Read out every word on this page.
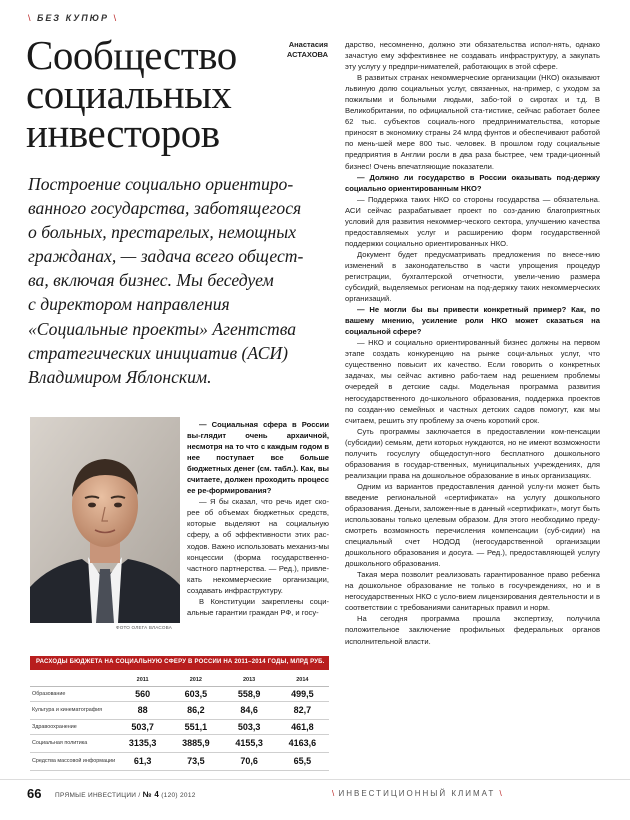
\ БЕЗ КУПЮР \
Сообщество
социальных
инвесторов
Анастасия
АСТАХОВА
Построение социально ориентиро-
ванного государства, заботящегося
о больных, престарелых, немощных
гражданах, — задача всего общест-
ва, включая бизнес. Мы беседуем
с директором направления
«Социальные проекты» Агентства
стратегических инициатив (АСИ)
Владимиром Яблонским.
ФОТО ОЛЕГА ВЛАСОВА

— Социальная сфера в России вы-глядит очень архаичной, несмотря на то что с каждым годом в нее поступает все больше бюджетных денег (см. табл.). Как, вы считаете, должен проходить процесс ее ре-формирования?

— Я бы сказал, что речь идет ско-рее об объемах бюджетных средств, которые выделяют на социальную сферу, а об эффективности этих рас-ходов. Важно использовать механиз-мы концессии (форма государственно-частного партнерства. — Ред.), привле-кать некоммерческие организации, создавать инфраструктуру.

В Конституции закреплены соци-альные гарантии граждан РФ, и госу-

дарство, несомненно, должно эти обязательства испол-нять, однако зачастую ему эффективнее не создавать инфраструктуру, а закупать эту услугу у предпри-нимателей, работающих в этой сфере.

В развитых странах некоммерческие организации (НКО) оказывают львиную долю социальных услуг, связанных, на-пример, с уходом за пожилыми и больными людьми, забо-той о сиротах и т.д. В Великобритании, по официальной ста-тистике, сейчас работает более 62 тыс. субъектов социаль-ного предпринимательства, которые приносят в экономику страны 24 млрд фунтов и обеспечивают работой по мень-шей мере 800 тыс. человек. В прошлом году социальные предприятия в Англии росли в два раза быстрее, чем тради-ционный бизнес! Очень впечатляющие показатели.

— Должно ли государство в России оказывать под-держку социально ориентированным НКО?

— Поддержка таких НКО со стороны государства — обязательна. АСИ сейчас разрабатывает проект по соз-данию благоприятных условий для развития некоммер-ческого сектора, улучшению качества предоставляемых услуг и расширению форм государственной поддержки социально ориентированных НКО.

Документ будет предусматривать предложения по внесе-нию изменений в законодательство в части упрощения процедур регистрации, бухгалтерской отчетности, увели-чению размера субсидий, выделяемых регионам на под-держку таких некоммерческих организаций.

— Не могли бы вы привести конкретный пример? Как, по вашему мнению, усиление роли НКО может сказаться на социальной сфере?

— НКО и социально ориентированный бизнес должны на первом этапе создать конкуренцию на рынке соци-альных услуг, что существенно повысит их качество. Если говорить о конкретных задачах, мы сейчас активно рабо-таем над решением проблемы очередей в детские сады. Модельная программа развития негосударственного до-школьного образования, поддержка проектов по создан-ию семейных и частных детских садов помогут, как мы считаем, решить эту проблему за очень короткий срок.

Суть программы заключается в предоставлении ком-пенсации (субсидии) семьям, дети которых нуждаются, но не имеют возможности получить госуслугу общедоступ-ного бесплатного дошкольного образования в государ-ственных, муниципальных учреждениях, для реализации права на дошкольное образование в иных организациях.

Одним из вариантов предоставления данной услу-ги может быть введение региональной «сертификата» на услугу дошкольного образования. Деньги, заложен-ные в данный «сертификат», могут быть использованы только целевым образом. Для этого необходимо преду-смотреть возможность перечисления компенсации (суб-сидии) на специальный счет НОДОД (негосударственной организации дошкольного образования и досуга. — Ред.), предоставляющей услугу дошкольного образования.

Такая мера позволит реализовать гарантированное право ребенка на дошкольное образование не только в госучреждениях, но и в негосударственных НКО с усло-вием лицензирования деятельности и в соответствии с требованиями санитарных правил и норм.

На сегодня программа прошла экспертизу, получила положительное заключение профильных федеральных органов исполнительной власти.

РАСХОДЫ БЮДЖЕТА НА СОЦИАЛЬНУЮ СФЕРУ В РОССИИ НА 2011–2014 ГОДЫ, МЛРД РУБ.
	2011	2012	2013	2014
Образование	560	603,5	558,9	499,5
Культура и кинематография	88	86,2	84,6	82,7
Здравоохранение	503,7	551,1	503,3	461,8
Социальная политика	3135,3	3885,9	4155,3	4163,6
Средства массовой информации	61,3	73,5	70,6	65,5
66 ПРЯМЫЕ ИНВЕСТИЦИИ / № 4 (120) 2012	\ ИНВЕСТИЦИОННЫЙ КЛИМАТ \
